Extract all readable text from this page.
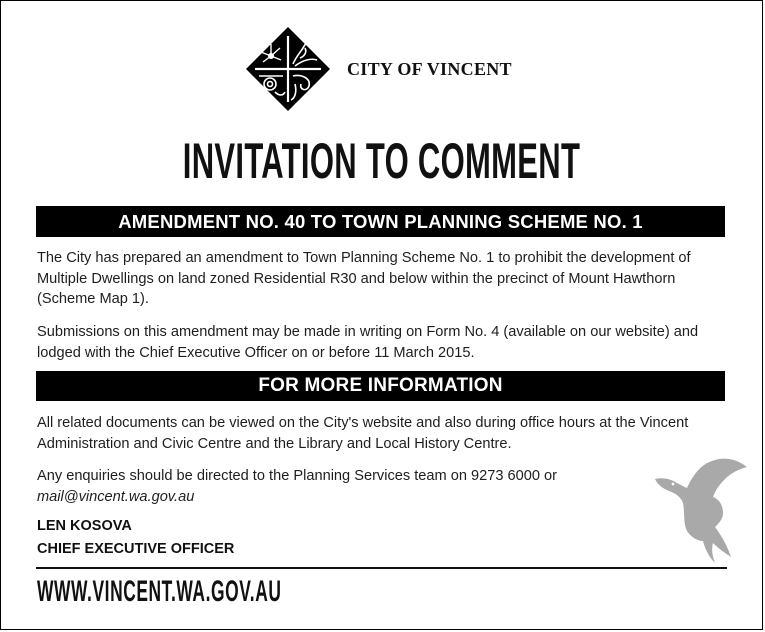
CITY OF VINCENT
INVITATION TO COMMENT
AMENDMENT NO. 40 TO TOWN PLANNING SCHEME NO. 1

The City has prepared an amendment to Town Planning Scheme No. 1 to prohibit the development of Multiple Dwellings on land zoned Residential R30 and below within the precinct of Mount Hawthorn (Scheme Map 1).

Submissions on this amendment may be made in writing on Form No. 4 (available on our website) and lodged with the Chief Executive Officer on or before 11 March 2015.

FOR MORE INFORMATION

All related documents can be viewed on the City's website and also during office hours at the Vincent Administration and Civic Centre and the Library and Local History Centre.

Any enquiries should be directed to the Planning Services team on 9273 6000 or
mail@vincent.wa.gov.au

LEN KOSOVA
CHIEF EXECUTIVE OFFICER
WWW.VINCENT.WA.GOV.AU
